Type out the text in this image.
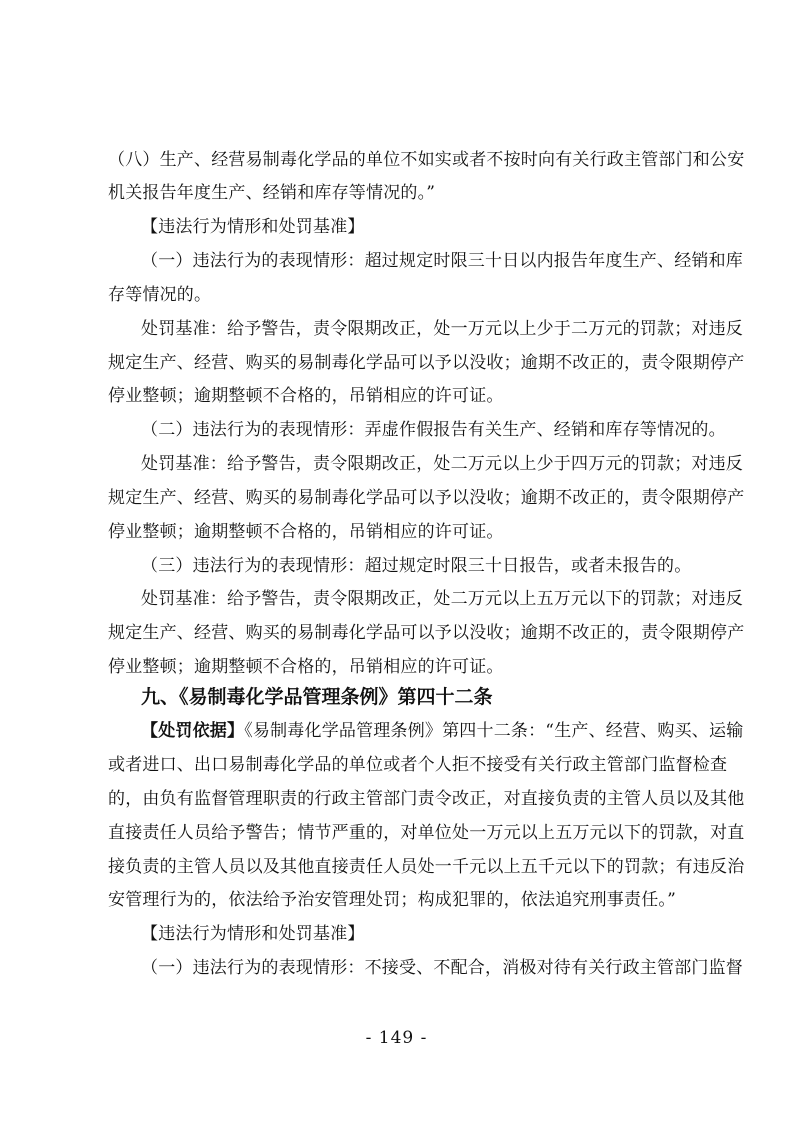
（八）生产、经营易制毒化学品的单位不如实或者不按时向有关行政主管部门和公安
机关报告年度生产、经销和库存等情况的。”
【违法行为情形和处罚基准】
（一）违法行为的表现情形：超过规定时限三十日以内报告年度生产、经销和库
存等情况的。
处罚基准：给予警告，责令限期改正，处一万元以上少于二万元的罚款；对违反
规定生产、经营、购买的易制毒化学品可以予以没收；逾期不改正的，责令限期停产
停业整顿；逾期整顿不合格的，吊销相应的许可证。
（二）违法行为的表现情形：弄虚作假报告有关生产、经销和库存等情况的。
处罚基准：给予警告，责令限期改正，处二万元以上少于四万元的罚款；对违反
规定生产、经营、购买的易制毒化学品可以予以没收；逾期不改正的，责令限期停产
停业整顿；逾期整顿不合格的，吊销相应的许可证。
（三）违法行为的表现情形：超过规定时限三十日报告，或者未报告的。
处罚基准：给予警告，责令限期改正，处二万元以上五万元以下的罚款；对违反
规定生产、经营、购买的易制毒化学品可以予以没收；逾期不改正的，责令限期停产
停业整顿；逾期整顿不合格的，吊销相应的许可证。
九、《易制毒化学品管理条例》第四十二条
【处罚依据】《易制毒化学品管理条例》第四十二条：“生产、经营、购买、运输
或者进口、出口易制毒化学品的单位或者个人拒不接受有关行政主管部门监督检查
的，由负有监督管理职责的行政主管部门责令改正，对直接负责的主管人员以及其他
直接责任人员给予警告；情节严重的，对单位处一万元以上五万元以下的罚款，对直
接负责的主管人员以及其他直接责任人员处一千元以上五千元以下的罚款；有违反治
安管理行为的，依法给予治安管理处罚；构成犯罪的，依法追究刑事责任。”
【违法行为情形和处罚基准】
（一）违法行为的表现情形：不接受、不配合，消极对待有关行政主管部门监督
- 149 -
